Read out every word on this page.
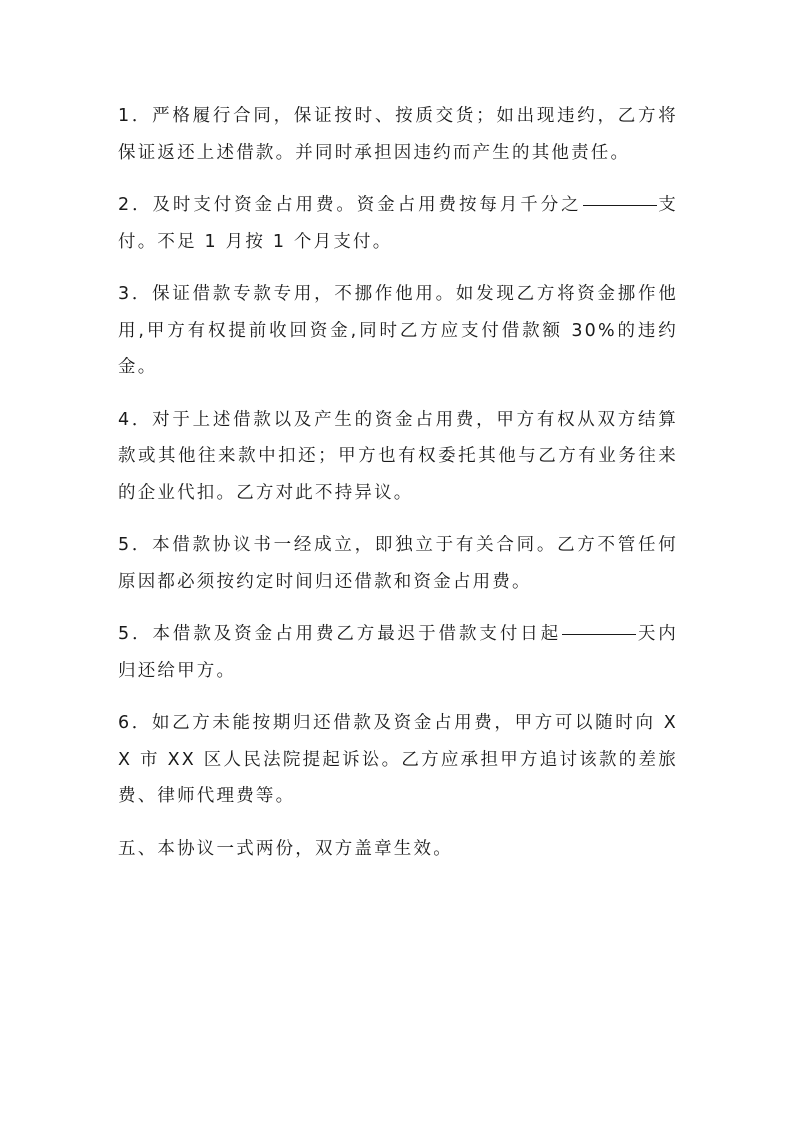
1．严格履行合同，保证按时、按质交货；如出现违约，乙方将保证返还上述借款。并同时承担因违约而产生的其他责任。

2．及时支付资金占用费。资金占用费按每月千分之	支付。不足 1 月按 1 个月支付。

3．保证借款专款专用，不挪作他用。如发现乙方将资金挪作他用,甲方有权提前收回资金,同时乙方应支付借款额 30%的违约金。

4．对于上述借款以及产生的资金占用费，甲方有权从双方结算款或其他往来款中扣还；甲方也有权委托其他与乙方有业务往来的企业代扣。乙方对此不持异议。

5．本借款协议书一经成立，即独立于有关合同。乙方不管任何原因都必须按约定时间归还借款和资金占用费。

5．本借款及资金占用费乙方最迟于借款支付日起	天内归还给甲方。

6．如乙方未能按期归还借款及资金占用费，甲方可以随时向 XX 市 XX 区人民法院提起诉讼。乙方应承担甲方追讨该款的差旅费、律师代理费等。

五、本协议一式两份，双方盖章生效。
